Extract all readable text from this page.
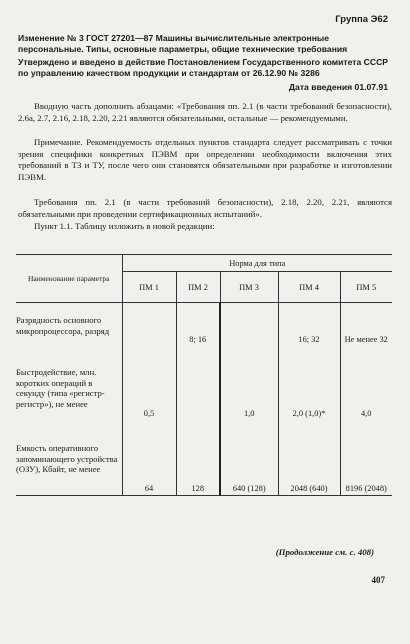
Группа Э62
Изменение № 3 ГОСТ 27201—87 Машины вычислительные электронные персональные. Типы, основные параметры, общие технические требования
Утверждено и введено в действие Постановлением Государственного комитета СССР по управлению качеством продукции и стандартам от 26.12.90 № 3286
Дата введения 01.07.91
Вводную часть дополнить абзацами: «Требования пп. 2.1 (в части требований безопасности), 2.6а, 2.7, 2.16, 2.18, 2.20, 2.21 являются обязательными, остальные — рекомендуемыми.
Примечание. Рекомендуемость отдельных пунктов стандарта следует рассматривать с точки зрения специфики конкретных ПЭВМ при определении необходимости включения этих требований в ТЗ и ТУ, после чего они становятся обязательными при разработке и изготовлении ПЭВМ.
Требования пп. 2.1 (в части требований безопасности), 2.18, 2.20, 2.21, являются обязательными при проведении сертификационных испытаний».
Пункт 1.1. Таблицу изложить в новой редакции:
Наименование параметра	Норма для типа				
	ПМ 1	ПМ 2	ПМ 3	ПМ 4	ПМ 5
Разрядность основного микропроцессора, разряд		8; 16		16; 32	Не менее 32
Быстродействие, млн. коротких операций в секунду (типа «регистр-регистр»), не менее	0,5		1,0	2,0 (1,0)*	4,0
Емкость оперативного запоминающего устройства (ОЗУ), Кбайт, не менее	64	128	640 (128)	2048 (640)	8196 (2048)
(Продолжение см. с. 408)
407
